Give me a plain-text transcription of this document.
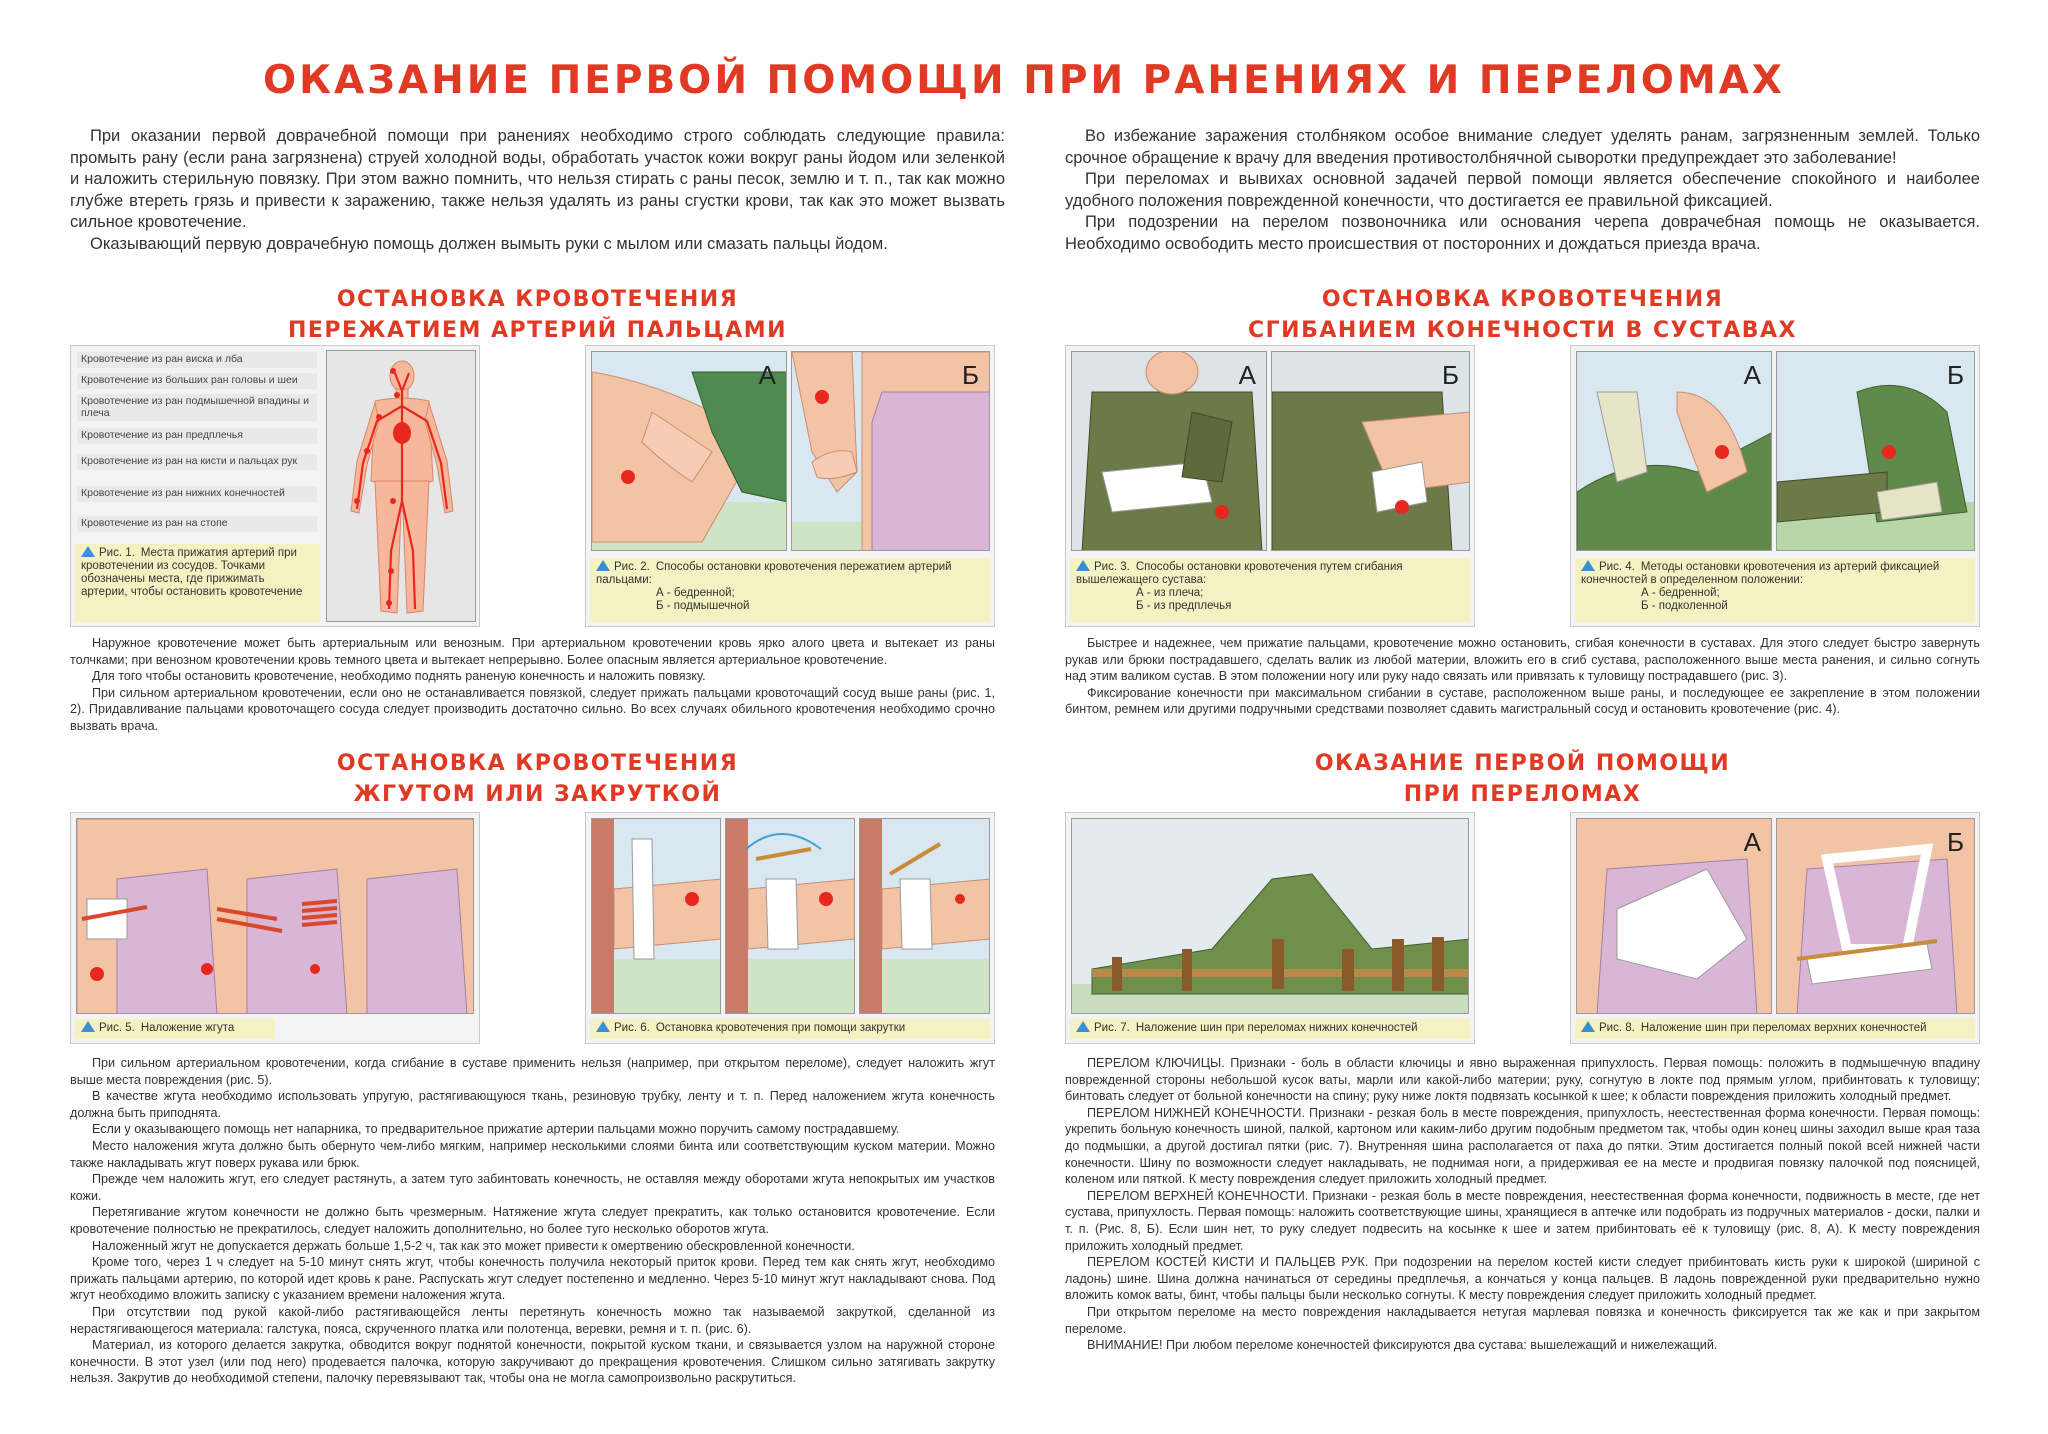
ОКАЗАНИЕ ПЕРВОЙ ПОМОЩИ ПРИ РАНЕНИЯХ И ПЕРЕЛОМАХ

При оказании первой доврачебной помощи при ранениях необходимо строго соблюдать следующие правила: промыть рану (если рана загрязнена) струей холодной воды, обработать участок кожи вокруг раны йодом или зеленкой и наложить стерильную повязку. При этом важно помнить, что нельзя стирать с раны песок, землю и т. п., так как можно глубже втереть грязь и привести к заражению, также нельзя удалять из раны сгустки крови, так как это может вызвать сильное кровотечение.

Оказывающий первую доврачебную помощь должен вымыть руки с мылом или смазать пальцы йодом.

Во избежание заражения столбняком особое внимание следует уделять ранам, загрязненным землей. Только срочное обращение к врачу для введения противостолбнячной сыворотки предупреждает это заболевание!

При переломах и вывихах основной задачей первой помощи является обеспечение спокойного и наиболее удобного положения поврежденной конечности, что достигается ее правильной фиксацией.

При подозрении на перелом позвоночника или основания черепа доврачебная помощь не оказывается. Необходимо освободить место происшествия от посторонних и дождаться приезда врача.

ОСТАНОВКА КРОВОТЕЧЕНИЯ
ПЕРЕЖАТИЕМ АРТЕРИЙ ПАЛЬЦАМИ
ОСТАНОВКА КРОВОТЕЧЕНИЯ
СГИБАНИЕМ КОНЕЧНОСТИ В СУСТАВАХ
Кровотечение из ран виска и лба
Кровотечение из больших ран головы и шеи
Кровотечение из ран подмышечной впадины и плеча
Кровотечение из ран предплечья
Кровотечение из ран на кисти и пальцах рук
Кровотечение из ран нижних конечностей
Кровотечение из ран на стопе
Рис. 1. Места прижатия артерий при кровотечении из сосудов. Точками обозначены места, где прижимать артерии, чтобы остановить кровотечение
А	Б
Рис. 2. Способы остановки кровотечения пережатием артерий пальцами:
А - бедренной;
Б - подмышечной
А	Б
Рис. 3. Способы остановки кровотечения путем сгибания вышележащего сустава:
А - из плеча;
Б - из предплечья
А	Б
Рис. 4. Методы остановки кровотечения из артерий фиксацией конечностей в определенном положении:
А - бедренной;
Б - подколенной

Наружное кровотечение может быть артериальным или венозным. При артериальном кровотечении кровь ярко алого цвета и вытекает из раны толчками; при венозном кровотечении кровь темного цвета и вытекает непрерывно. Более опасным является артериальное кровотечение.

Для того чтобы остановить кровотечение, необходимо поднять раненую конечность и наложить повязку.

При сильном артериальном кровотечении, если оно не останавливается повязкой, следует прижать пальцами кровоточащий сосуд выше раны (рис. 1, 2). Придавливание пальцами кровоточащего сосуда следует производить достаточно сильно. Во всех случаях обильного кровотечения необходимо срочно вызвать врача.

Быстрее и надежнее, чем прижатие пальцами, кровотечение можно остановить, сгибая конечности в суставах. Для этого следует быстро завернуть рукав или брюки пострадавшего, сделать валик из любой материи, вложить его в сгиб сустава, расположенного выше места ранения, и сильно согнуть над этим валиком сустав. В этом положении ногу или руку надо связать или привязать к туловищу пострадавшего (рис. 3).

Фиксирование конечности при максимальном сгибании в суставе, расположенном выше раны, и последующее ее закрепление в этом положении бинтом, ремнем или другими подручными средствами позволяет сдавить магистральный сосуд и остановить кровотечение (рис. 4).

ОСТАНОВКА КРОВОТЕЧЕНИЯ
ЖГУТОМ ИЛИ ЗАКРУТКОЙ
ОКАЗАНИЕ ПЕРВОЙ ПОМОЩИ
ПРИ ПЕРЕЛОМАХ
Рис. 5. Наложение жгута	Рис. 6. Остановка кровотечения при помощи закрутки	Рис. 7. Наложение шин при переломах нижних конечностей
А	Б
Рис. 8. Наложение шин при переломах верхних конечностей

При сильном артериальном кровотечении, когда сгибание в суставе применить нельзя (например, при открытом переломе), следует наложить жгут выше места повреждения (рис. 5).

В качестве жгута необходимо использовать упругую, растягивающуюся ткань, резиновую трубку, ленту и т. п. Перед наложением жгута конечность должна быть приподнята.

Если у оказывающего помощь нет напарника, то предварительное прижатие артерии пальцами можно поручить самому пострадавшему.

Место наложения жгута должно быть обернуто чем-либо мягким, например несколькими слоями бинта или соответствующим куском материи. Можно также накладывать жгут поверх рукава или брюк.

Прежде чем наложить жгут, его следует растянуть, а затем туго забинтовать конечность, не оставляя между оборотами жгута непокрытых им участков кожи.

Перетягивание жгутом конечности не должно быть чрезмерным. Натяжение жгута следует прекратить, как только остановится кровотечение. Если кровотечение полностью не прекратилось, следует наложить дополнительно, но более туго несколько оборотов жгута.

Наложенный жгут не допускается держать больше 1,5-2 ч, так как это может привести к омертвению обескровленной конечности.

Кроме того, через 1 ч следует на 5-10 минут снять жгут, чтобы конечность получила некоторый приток крови. Перед тем как снять жгут, необходимо прижать пальцами артерию, по которой идет кровь к ране. Распускать жгут следует постепенно и медленно. Через 5-10 минут жгут накладывают снова. Под жгут необходимо вложить записку с указанием времени наложения жгута.

При отсутствии под рукой какой-либо растягивающейся ленты перетянуть конечность можно так называемой закруткой, сделанной из нерастягивающегося материала: галстука, пояса, скрученного платка или полотенца, веревки, ремня и т. п. (рис. 6).

Материал, из которого делается закрутка, обводится вокруг поднятой конечности, покрытой куском ткани, и связывается узлом на наружной стороне конечности. В этот узел (или под него) продевается палочка, которую закручивают до прекращения кровотечения. Слишком сильно затягивать закрутку нельзя. Закрутив до необходимой степени, палочку перевязывают так, чтобы она не могла самопроизвольно раскрутиться.

ПЕРЕЛОМ КЛЮЧИЦЫ. Признаки - боль в области ключицы и явно выраженная припухлость. Первая помощь: положить в подмышечную впадину поврежденной стороны небольшой кусок ваты, марли или какой-либо материи; руку, согнутую в локте под прямым углом, прибинтовать к туловищу; бинтовать следует от больной конечности на спину; руку ниже локтя подвязать косынкой к шее; к области повреждения приложить холодный предмет.

ПЕРЕЛОМ НИЖНЕЙ КОНЕЧНОСТИ. Признаки - резкая боль в месте повреждения, припухлость, неестественная форма конечности. Первая помощь: укрепить больную конечность шиной, палкой, картоном или каким-либо другим подобным предметом так, чтобы один конец шины заходил выше края таза до подмышки, а другой достигал пятки (рис. 7). Внутренняя шина располагается от паха до пятки. Этим достигается полный покой всей нижней части конечности. Шину по возможности следует накладывать, не поднимая ноги, а придерживая ее на месте и продвигая повязку палочкой под поясницей, коленом или пяткой. К месту повреждения следует приложить холодный предмет.

ПЕРЕЛОМ ВЕРХНЕЙ КОНЕЧНОСТИ. Признаки - резкая боль в месте повреждения, неестественная форма конечности, подвижность в месте, где нет сустава, припухлость. Первая помощь: наложить соответствующие шины, хранящиеся в аптечке или подобрать из подручных материалов - доски, палки и т. п. (Рис. 8, Б). Если шин нет, то руку следует подвесить на косынке к шее и затем прибинтовать её к туловищу (рис. 8, А). К месту повреждения приложить холодный предмет.

ПЕРЕЛОМ КОСТЕЙ КИСТИ И ПАЛЬЦЕВ РУК. При подозрении на перелом костей кисти следует прибинтовать кисть руки к широкой (шириной с ладонь) шине. Шина должна начинаться от середины предплечья, а кончаться у конца пальцев. В ладонь поврежденной руки предварительно нужно вложить комок ваты, бинт, чтобы пальцы были несколько согнуты. К месту повреждения следует приложить холодный предмет.

При открытом переломе на место повреждения накладывается нетугая марлевая повязка и конечность фиксируется так же как и при закрытом переломе.

ВНИМАНИЕ! При любом переломе конечностей фиксируются два сустава: вышележащий и нижележащий.
